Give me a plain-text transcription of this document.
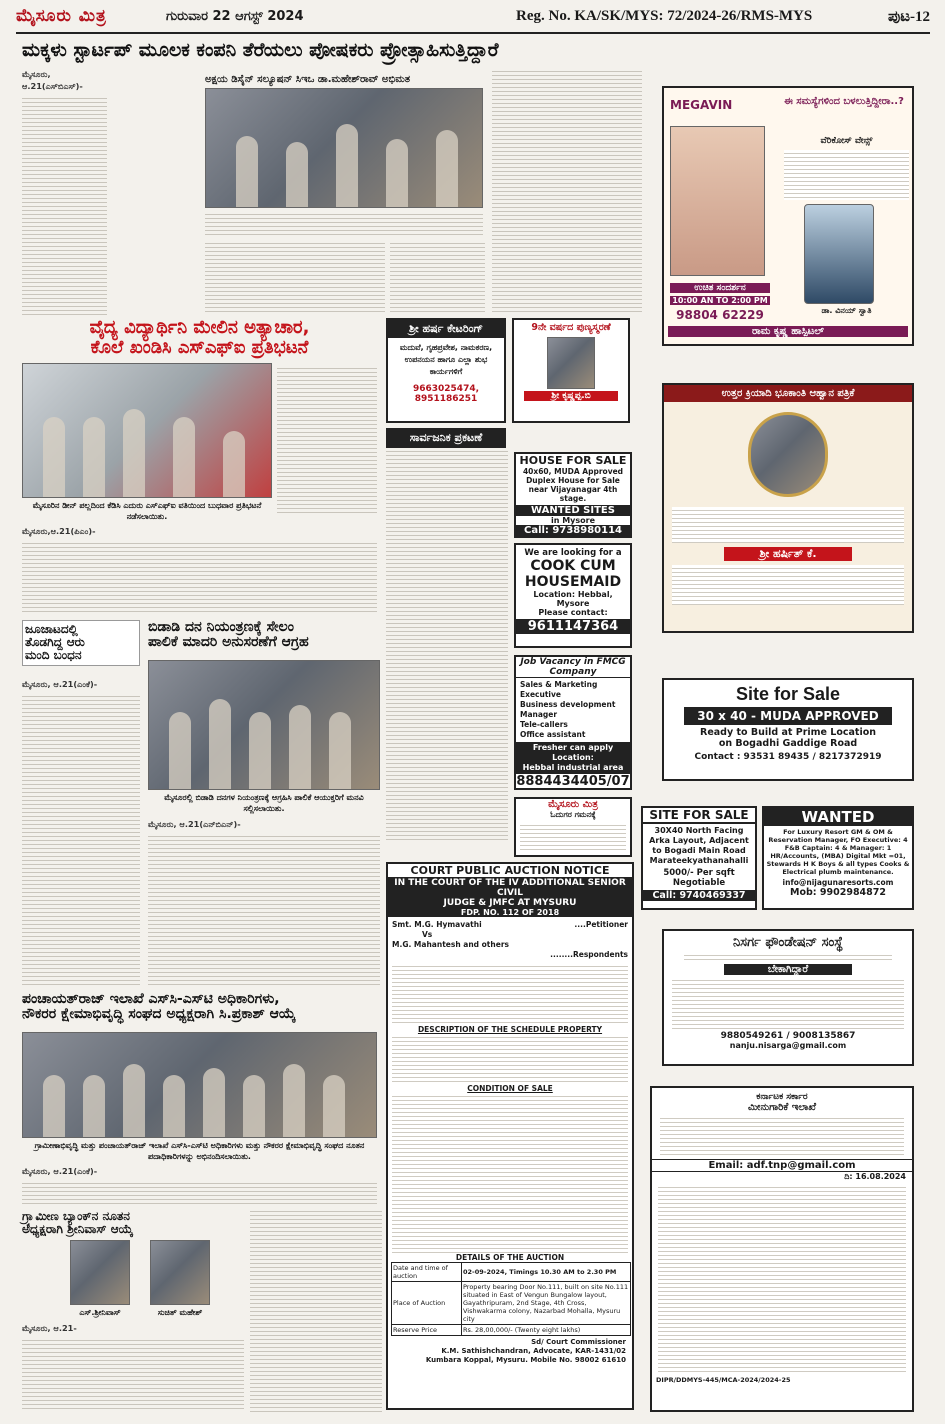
ಮೈಸೂರು ಮಿತ್ರ	ಗುರುವಾರ 22 ಆಗಸ್ಟ್ 2024	Reg. No. KA/SK/MYS: 72/2024-26/RMS-MYS	ಪುಟ-12
ಮಕ್ಕಳು ಸ್ಟಾರ್ಟಪ್ ಮೂಲಕ ಕಂಪನಿ ತೆರೆಯಲು ಪೋಷಕರು ಪ್ರೋತ್ಸಾಹಿಸುತ್ತಿದ್ದಾರೆ
ಮೈಸೂರು, ಆ.21(ಎಸ್‌ಬಿಎಸ್)-
ಅಕ್ಷಯ ಡಿಸೈನ್ ಸಲ್ಯೂಷನ್ ಸಿಇಒ ಡಾ.ಮಹೇಶ್‌ರಾವ್ ಅಭಿಮತ
ವೈದ್ಯ ವಿದ್ಯಾರ್ಥಿನಿ ಮೇಲಿನ ಅತ್ಯಾಚಾರ,
ಕೊಲೆ ಖಂಡಿಸಿ ಎಸ್‌ಎಫ್‌ಐ ಪ್ರತಿಭಟನೆ
ಮೈಸೂರಿನ ಡೀನ್ ಪಲ್ಲದಿಂದ ಕೆಡಿಸಿ ಎದುರು ಎಸ್‌ಎಫ್‌ಐ ವತಿಯಿಂದ ಬುಧವಾರ ಪ್ರತಿಭಟನೆ ನಡೆಸಲಾಯಿತು.
ಮೈಸೂರು,ಆ.21(ಪಿಎಂ)-
ಶ್ರೀ ಹರ್ಷ ಕೇಟರಿಂಗ್
ಮದುವೆ, ಗೃಹಪ್ರವೇಶ, ನಾಮಕರಣ, ಉಪನಯನ ಹಾಗೂ ಎಲ್ಲಾ ಶುಭ ಕಾರ್ಯಗಳಿಗೆ
9663025474, 8951186251
9ನೇ ವರ್ಷದ ಪುಣ್ಯಸ್ಮರಣೆ
ಶ್ರೀ ಕೃಷ್ಣಪ್ಪ.ಬಿ
ಸಾರ್ವಜನಿಕ ಪ್ರಕಟಣೆ
HOUSE FOR SALE
40x60, MUDA Approved Duplex House for Sale near Vijayanagar 4th stage.
WANTED SITES
in Mysore
Call: 9738980114
We are looking for a
COOK CUM
HOUSEMAID
Location: Hebbal, Mysore
Please contact:
9611147364
Job Vacancy in FMCG
Company
Sales & Marketing Executive
Business development Manager
Tele-callers
Office assistant
Fresher can apply
Location:
Hebbal industrial area
8884434405/07
ಮೈಸೂರು ಮಿತ್ರ
ಓದುಗರ ಗಮನಕ್ಕೆ
ಜೂಜಾಟದಲ್ಲಿ
ತೊಡಗಿದ್ದ ಆರು
ಮಂದಿ ಬಂಧನ
ಮೈಸೂರು, ಆ.21(ಎಂಕೆ)-
ಬಿಡಾಡಿ ದನ ನಿಯಂತ್ರಣಕ್ಕೆ ಸೇಲಂ
ಪಾಲಿಕೆ ಮಾದರಿ ಅನುಸರಣೆಗೆ ಆಗ್ರಹ
ಮೈಸೂರಲ್ಲಿ ಬಿಡಾಡಿ ದನಗಳ ನಿಯಂತ್ರಣಕ್ಕೆ ಆಗ್ರಹಿಸಿ ಪಾಲಿಕೆ ಆಯುಕ್ತರಿಗೆ ಮನವಿ ಸಲ್ಲಿಸಲಾಯಿತು.
ಮೈಸೂರು, ಆ.21(ಎನ್‌ಬಿಎನ್)-
ಪಂಚಾಯತ್‌ರಾಜ್ ಇಲಾಖೆ ಎಸ್‌ಸಿ-ಎಸ್‌ಟಿ ಅಧಿಕಾರಿಗಳು,
ನೌಕರರ ಕ್ಷೇಮಾಭಿವೃದ್ಧಿ ಸಂಘದ ಅಧ್ಯಕ್ಷರಾಗಿ ಸಿ.ಪ್ರಕಾಶ್ ಆಯ್ಕೆ
ಗ್ರಾಮೀಣಾಭಿವೃದ್ಧಿ ಮತ್ತು ಪಂಚಾಯತ್‌ರಾಜ್ ಇಲಾಖೆ ಎಸ್‌ಸಿ-ಎಸ್‌ಟಿ ಅಧಿಕಾರಿಗಳು ಮತ್ತು ನೌಕರರ ಕ್ಷೇಮಾಭಿವೃದ್ಧಿ ಸಂಘದ ನೂತನ ಪದಾಧಿಕಾರಿಗಳನ್ನು ಅಭಿನಂದಿಸಲಾಯಿತು.
ಮೈಸೂರು, ಆ.21(ಎಂಕೆ)-
ಗ್ರ್ಯಾಮೀಣ ಬ್ಯಾಂಕ್‌ನ ನೂತನ
ಅಧ್ಯಕ್ಷರಾಗಿ ಶ್ರೀನಿವಾಸ್ ಆಯ್ಕೆ
ಎಸ್.ಶ್ರೀನಿವಾಸ್	ಸುಚಿತ್ ಮಹೇಶ್
ಮೈಸೂರು, ಆ.21-
COURT PUBLIC AUCTION NOTICE
IN THE COURT OF THE IV ADDITIONAL SENIOR CIVIL
JUDGE & JMFC AT MYSURU
FDP. NO. 112 OF 2018
Smt. M.G. Hymavathi	....Petitioner
Vs
M.G. Mahantesh and others
........Respondents
DESCRIPTION OF THE SCHEDULE PROPERTY
CONDITION OF SALE
DETAILS OF THE AUCTION
Date and time of auction	02-09-2024, Timings 10.30 AM to 2.30 PM
Place of Auction	Property bearing Door No.111, built on site No.111 situated in East of Vengun Bungalow layout, Gayathripuram, 2nd Stage, 4th Cross, Vishwakarma colony, Nazarbad Mohalla, Mysuru city
Reserve Price	Rs. 28,00,000/- (Twenty eight lakhs)
Sd/ Court Commissioner
K.M. Sathishchandran, Advocate, KAR-1431/02
Kumbara Koppal, Mysuru. Mobile No. 98002 61610
MEGAVIN	ಈ ಸಮಸ್ಯೆಗಳಿಂದ ಬಳಲುತ್ತಿದ್ದೀರಾ..?
ವೆರಿಕೋಸ್ ವೇನ್ಸ್
ಉಚಿತ ಸಂದರ್ಶನ
10:00 AN TO 2:00 PM
98804 62229	ಡಾ. ವಿನಯ್ ಸ್ವಾತಿ
ರಾಮ ಕೃಷ್ಣ ಹಾಸ್ಪಿಟಲ್
ಉತ್ತರ ಕ್ರಿಯಾದಿ ಭೂಕಾಂತಿ ಆಹ್ವಾನ ಪತ್ರಿಕೆ
ಶ್ರೀ ಹರ್ಷಿತ್ ಕೆ.
Site for Sale
30 x 40 - MUDA APPROVED
Ready to Build at Prime Location
on Bogadhi Gaddige Road
Contact : 93531 89435 / 8217372919
SITE FOR SALE
30X40 North Facing Arka Layout, Adjacent to Bogadi Main Road Marateekyathanahalli
5000/- Per sqft Negotiable
Call: 9740469337
WANTED
For Luxury Resort GM & OM & Reservation Manager, FO Executive: 4 F&B Captain: 4 & Manager: 1 HR/Accounts, (MBA) Digital Mkt =01, Stewards H K Boys & all types Cooks & Electrical plumb maintenance.
info@nijagunaresorts.com
Mob: 9902984872
ನಿಸರ್ಗ ಫೌಂಡೇಷನ್ ಸಂಸ್ಥೆ
ಬೇಕಾಗಿದ್ದಾರೆ
9880549261 / 9008135867
nanju.nisarga@gmail.com
ಕರ್ನಾಟಕ ಸರ್ಕಾರ
ಮೀನುಗಾರಿಕೆ ಇಲಾಖೆ
Email: adf.tnp@gmail.com
ದಿ: 16.08.2024
DIPR/DDMYS-445/MCA-2024/2024-25
